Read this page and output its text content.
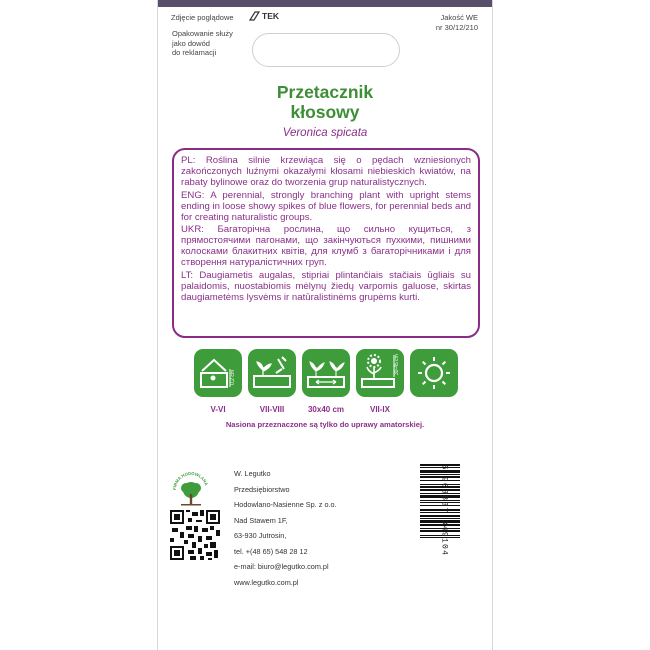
Zdjęcie poglądowe	TEK	Jakość WE
nr 30/12/210
Opakowanie służy
jako dowód
do reklamacji
Przetacznik
kłosowy
Veronica spicata

PL: Roślina silnie krzewiąca się o pędach wzniesionych zakończonych luźnymi okazałymi kłosami niebieskich kwiatów, na rabaty bylinowe oraz do tworzenia grup naturalistycznych.

ENG: A perennial, strongly branching plant with upright stems ending in loose showy spikes of blue flowers, for perennial beds and for creating naturalistic groups.

UKR: Багаторічна рослина, що сильно кущиться, з прямостоячими пагонами, що закінчуються пухкими, пишними колосками блакитних квітів, для клумб з багаторічниками і для створення натуралістичних груп.

LT: Daugiametis augalas, stipriai plintančiais stačiais ūgliais su palaidomis, nuostabiomis mėlynų žiedų varpomis galuose, skirtas daugiametėms lysvėms ir natūralistinėms grupėms kurti.

0,2 cm
30-45 cm
V-VI	VII-VIII	30x40 cm	VII-IX
Nasiona przeznaczone są tylko do uprawy amatorskiej.
FIRMA HODOWLANA
W. Legutko
Przedsiębiorstwo
Hodowlano-Nasienne Sp. z o.o.
Nad Stawem 1F,
63-930 Jutrosin,
tel. +(48 65) 548 28 12
e-mail: biuro@legutko.com.pl
www.legutko.com.pl
5 903837 349104
